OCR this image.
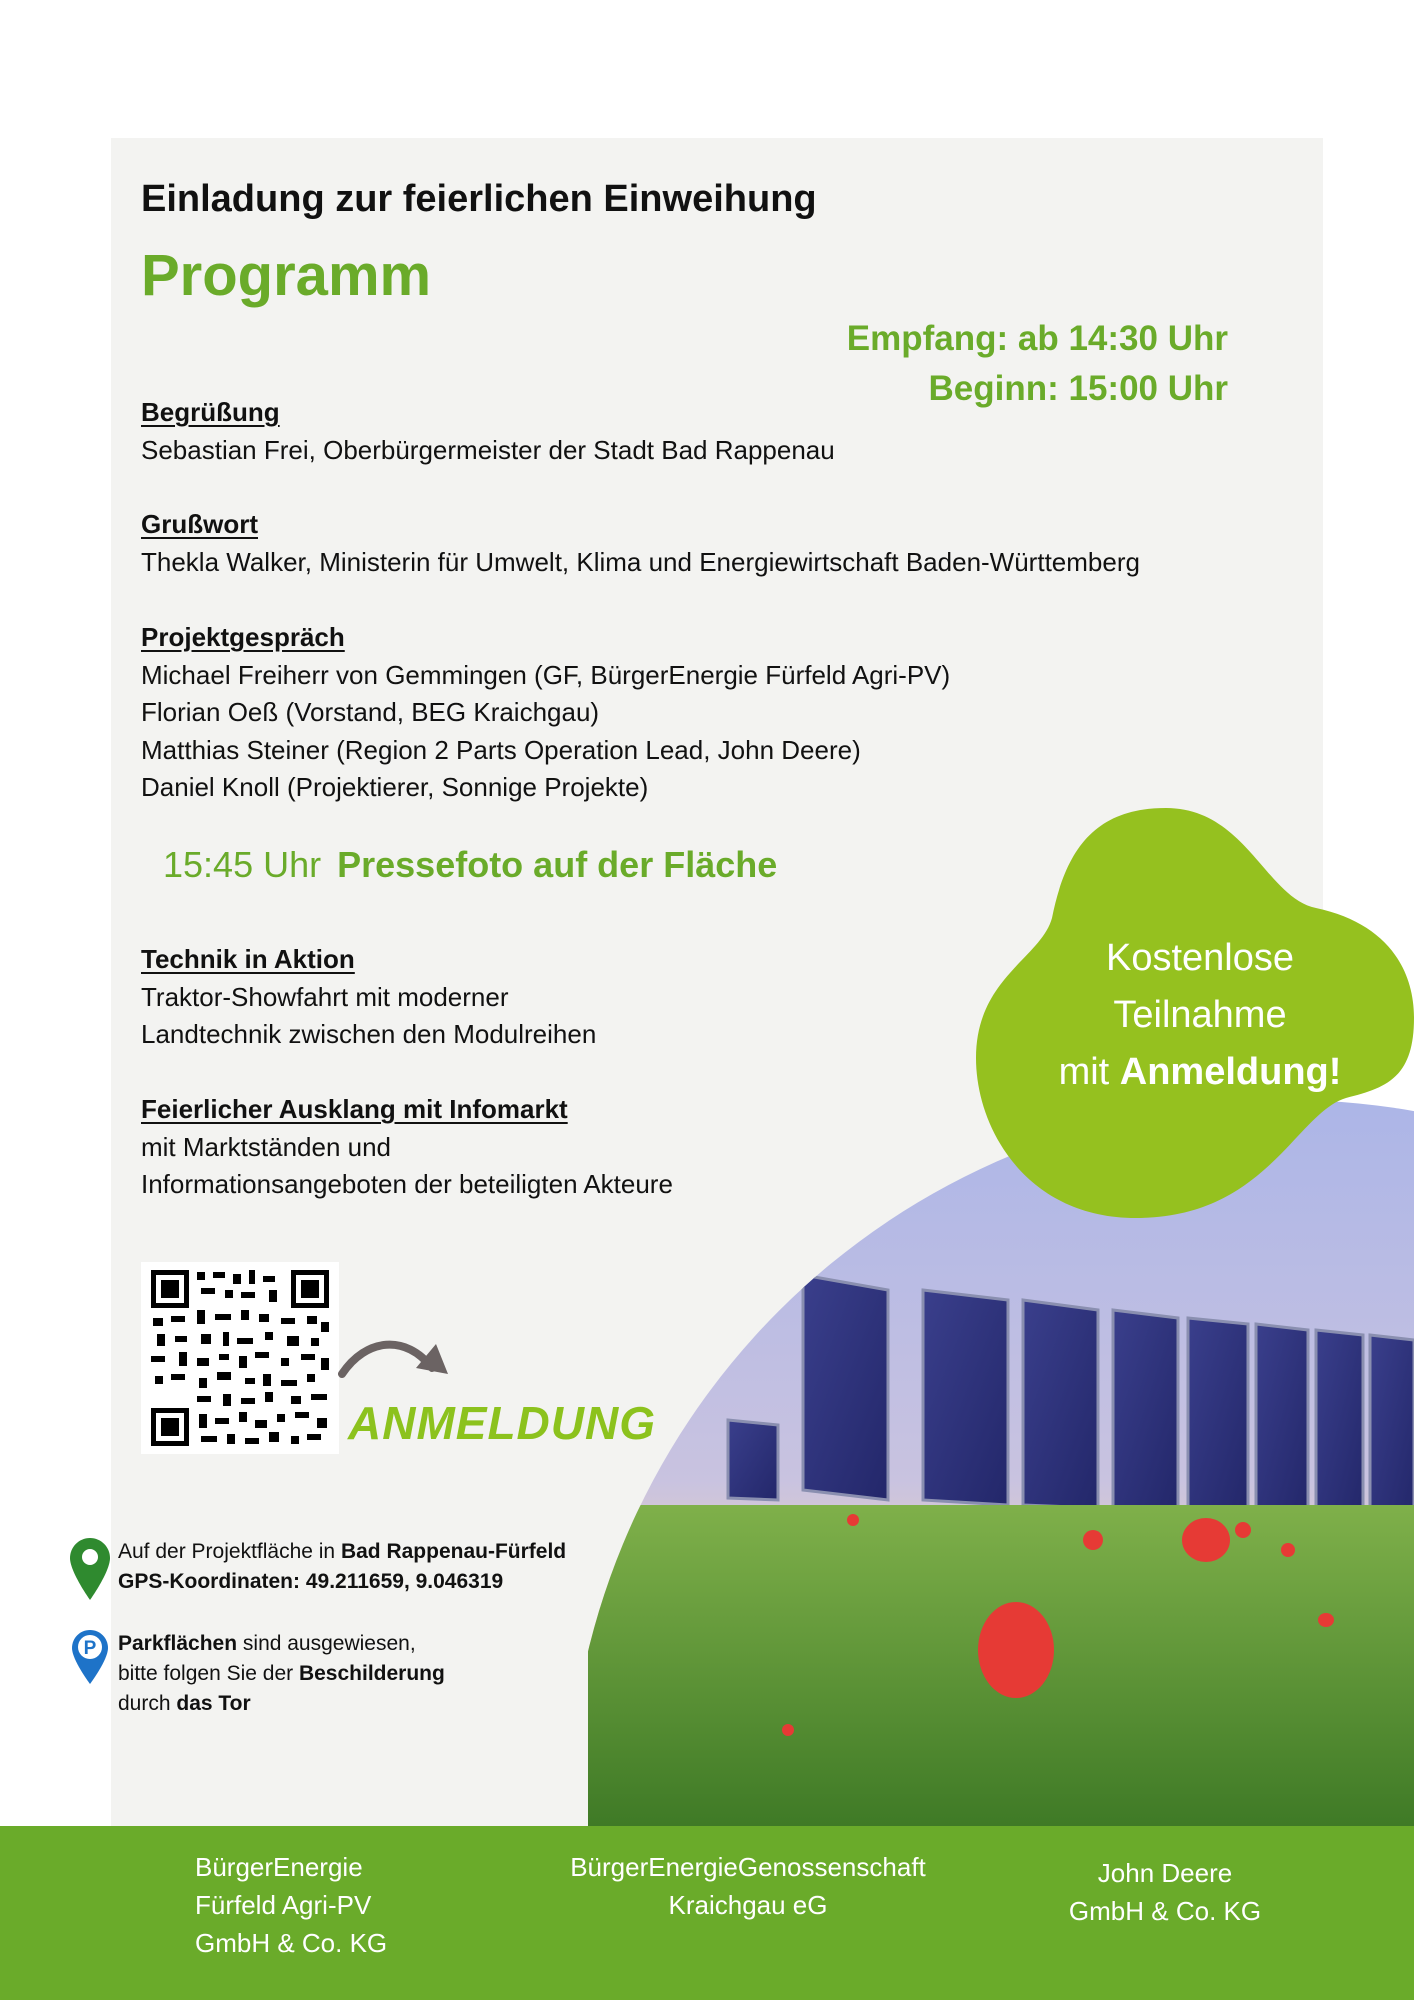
Kostenlose
Teilnahme
mit Anmeldung!
Einladung zur feierlichen Einweihung
Programm
Empfang: ab 14:30 Uhr
Beginn: 15:00 Uhr
Begrüßung
Sebastian Frei, Oberbürgermeister der Stadt Bad Rappenau
Grußwort
Thekla Walker, Ministerin für Umwelt, Klima und Energiewirtschaft Baden-Württemberg
Projektgespräch
Michael Freiherr von Gemmingen (GF, BürgerEnergie Fürfeld Agri-PV)
Florian Oeß (Vorstand, BEG Kraichgau)
Matthias Steiner (Region 2 Parts Operation Lead, John Deere)
Daniel Knoll (Projektierer, Sonnige Projekte)
15:45 Uhr Pressefoto auf der Fläche
Technik in Aktion
Traktor-Showfahrt mit moderner
Landtechnik zwischen den Modulreihen
Feierlicher Ausklang mit Infomarkt
mit Marktständen und
Informationsangeboten der beteiligten Akteure
ANMELDUNG
Auf der Projektfläche in Bad Rappenau-Fürfeld
GPS-Koordinaten: 49.211659, 9.046319
P Parkflächen sind ausgewiesen,
bitte folgen Sie der Beschilderung
durch das Tor
BürgerEnergie
Fürfeld Agri-PV
GmbH & Co. KG
BürgerEnergieGenossenschaft
Kraichgau eG
John Deere
GmbH & Co. KG
